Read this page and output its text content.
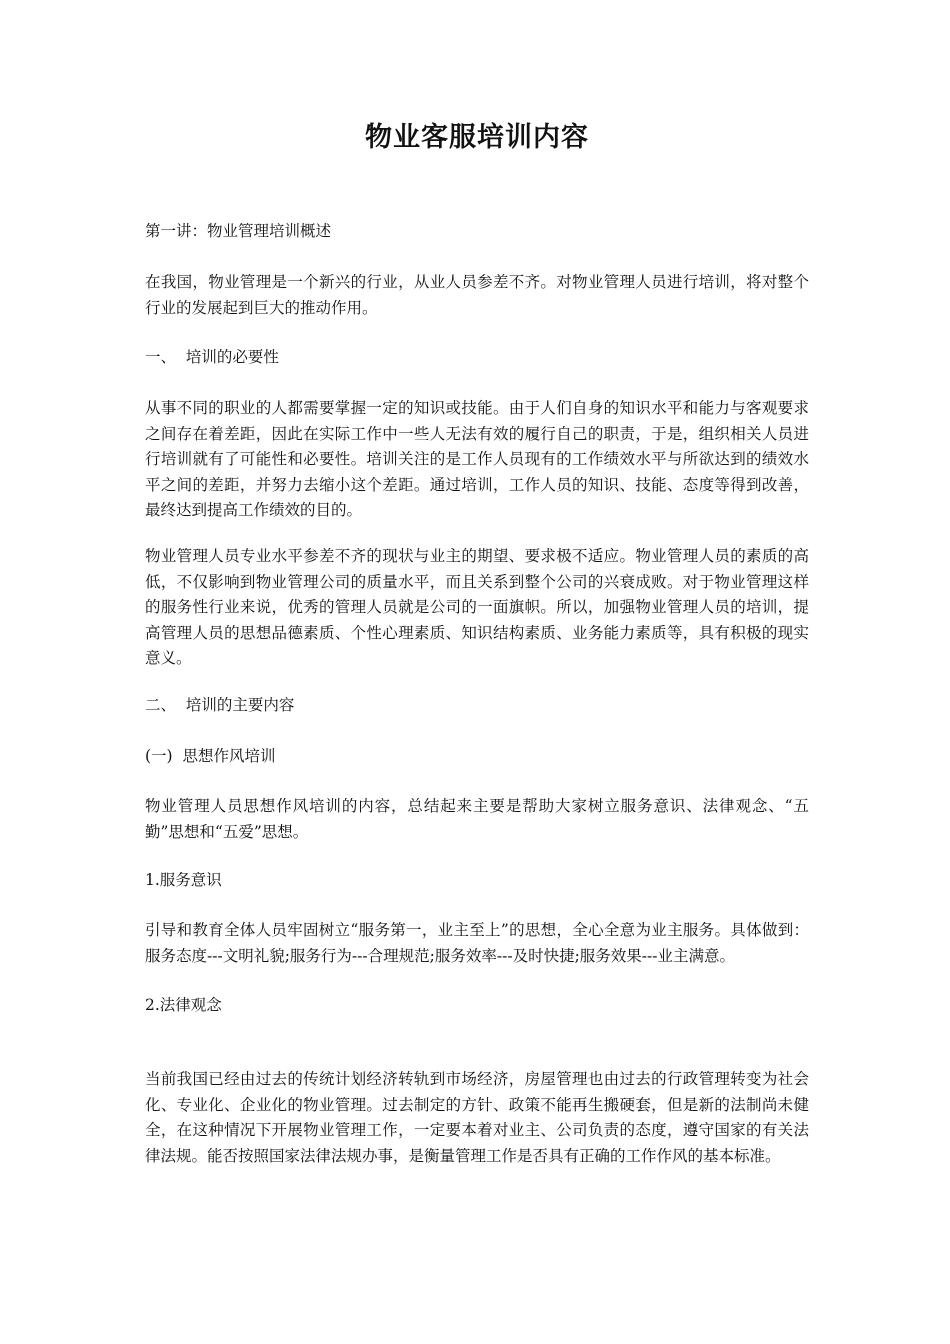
物业客服培训内容
第一讲：物业管理培训概述

在我国，物业管理是一个新兴的行业，从业人员参差不齐。对物业管理人员进行培训，将对整个行业的发展起到巨大的推动作用。

一、  培训的必要性

从事不同的职业的人都需要掌握一定的知识或技能。由于人们自身的知识水平和能力与客观要求之间存在着差距，因此在实际工作中一些人无法有效的履行自己的职责，于是，组织相关人员进行培训就有了可能性和必要性。培训关注的是工作人员现有的工作绩效水平与所欲达到的绩效水平之间的差距，并努力去缩小这个差距。通过培训，工作人员的知识、技能、态度等得到改善，最终达到提高工作绩效的目的。

物业管理人员专业水平参差不齐的现状与业主的期望、要求极不适应。物业管理人员的素质的高低，不仅影响到物业管理公司的质量水平，而且关系到整个公司的兴衰成败。对于物业管理这样的服务性行业来说，优秀的管理人员就是公司的一面旗帜。所以，加强物业管理人员的培训，提高管理人员的思想品德素质、个性心理素质、知识结构素质、业务能力素质等，具有积极的现实意义。

二、  培训的主要内容
(一)  思想作风培训

物业管理人员思想作风培训的内容，总结起来主要是帮助大家树立服务意识、法律观念、“五勤”思想和“五爱”思想。

1.服务意识

引导和教育全体人员牢固树立“服务第一，业主至上”的思想，全心全意为业主服务。具体做到：服务态度---文明礼貌;服务行为---合理规范;服务效率---及时快捷;服务效果---业主满意。

2.法律观念

当前我国已经由过去的传统计划经济转轨到市场经济，房屋管理也由过去的行政管理转变为社会化、专业化、企业化的物业管理。过去制定的方针、政策不能再生搬硬套，但是新的法制尚未健全，在这种情况下开展物业管理工作，一定要本着对业主、公司负责的态度，遵守国家的有关法律法规。能否按照国家法律法规办事，是衡量管理工作是否具有正确的工作作风的基本标准。
